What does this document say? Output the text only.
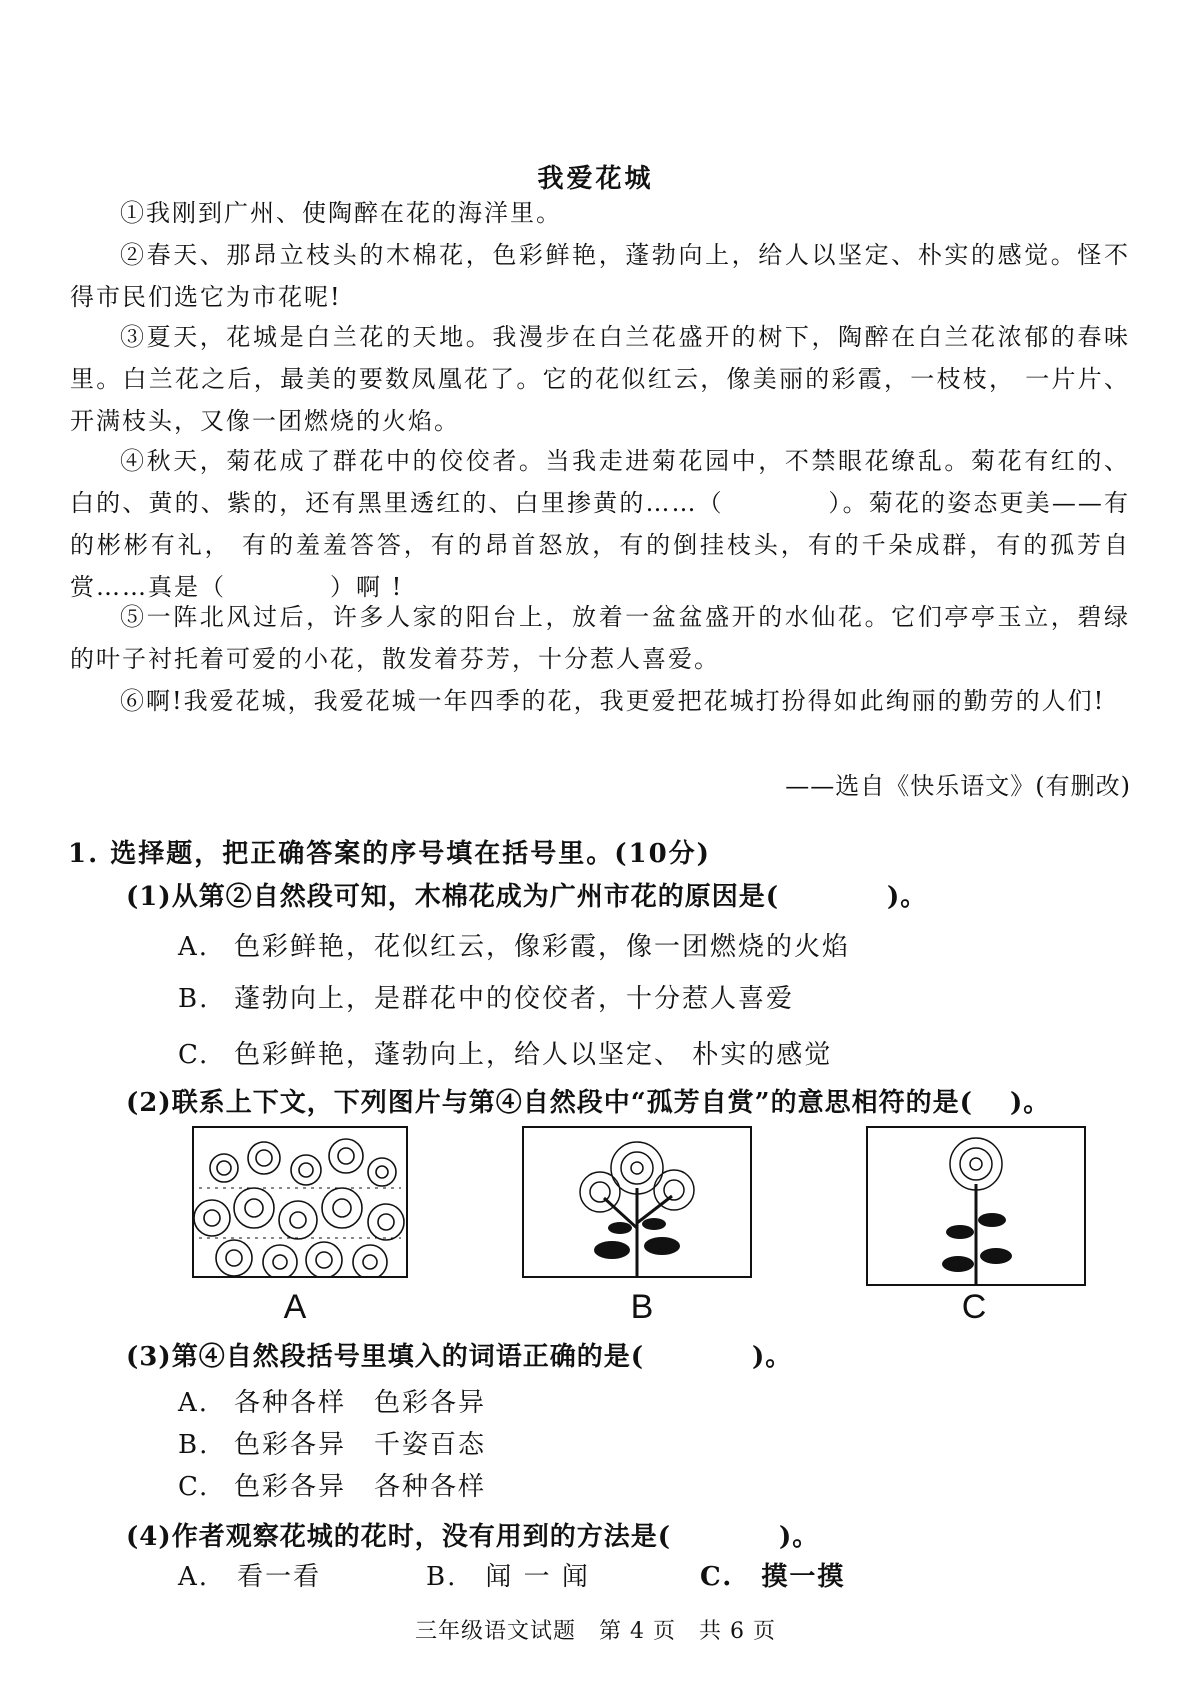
我爱花城
①我刚到广州、使陶醉在花的海洋里。
②春天、那昂立枝头的木棉花，色彩鲜艳，蓬勃向上，给人以坚定、朴实的感觉。怪不得市民们选它为市花呢!
③夏天，花城是白兰花的天地。我漫步在白兰花盛开的树下，陶醉在白兰花浓郁的春味里。白兰花之后，最美的要数凤凰花了。它的花似红云，像美丽的彩霞，一枝枝， 一片片、开满枝头，又像一团燃烧的火焰。
④秋天，菊花成了群花中的佼佼者。当我走进菊花园中，不禁眼花缭乱。菊花有红的、白的、黄的、紫的，还有黑里透红的、白里掺黄的……（　　　　）。菊花的姿态更美——有的彬彬有礼， 有的羞羞答答，有的昂首怒放，有的倒挂枝头，有的千朵成群，有的孤芳自赏……真是（　　　　）啊 !
⑤一阵北风过后，许多人家的阳台上，放着一盆盆盛开的水仙花。它们亭亭玉立，碧绿的叶子衬托着可爱的小花，散发着芬芳，十分惹人喜爱。
⑥啊!我爱花城，我爱花城一年四季的花，我更爱把花城打扮得如此绚丽的勤劳的人们!
——选自《快乐语文》(有删改)
1. 选择题，把正确答案的序号填在括号里。(10分)
(1)从第②自然段可知，木棉花成为广州市花的原因是(　　　　)。
A. 色彩鲜艳，花似红云，像彩霞，像一团燃烧的火焰
B. 蓬勃向上，是群花中的佼佼者，十分惹人喜爱
C. 色彩鲜艳，蓬勃向上，给人以坚定、 朴实的感觉
(2)联系上下文，下列图片与第④自然段中“孤芳自赏”的意思相符的是(　 )。
A	B	C
(3)第④自然段括号里填入的词语正确的是(　　　　)。
A. 各种各样　色彩各异
B. 色彩各异　千姿百态
C. 色彩各异　各种各样
(4)作者观察花城的花时，没有用到的方法是(　　　　)。
A.　 看一看	B.　 闻 一 闻	C.　 摸一摸
三年级语文试题　第 4 页　共 6 页
